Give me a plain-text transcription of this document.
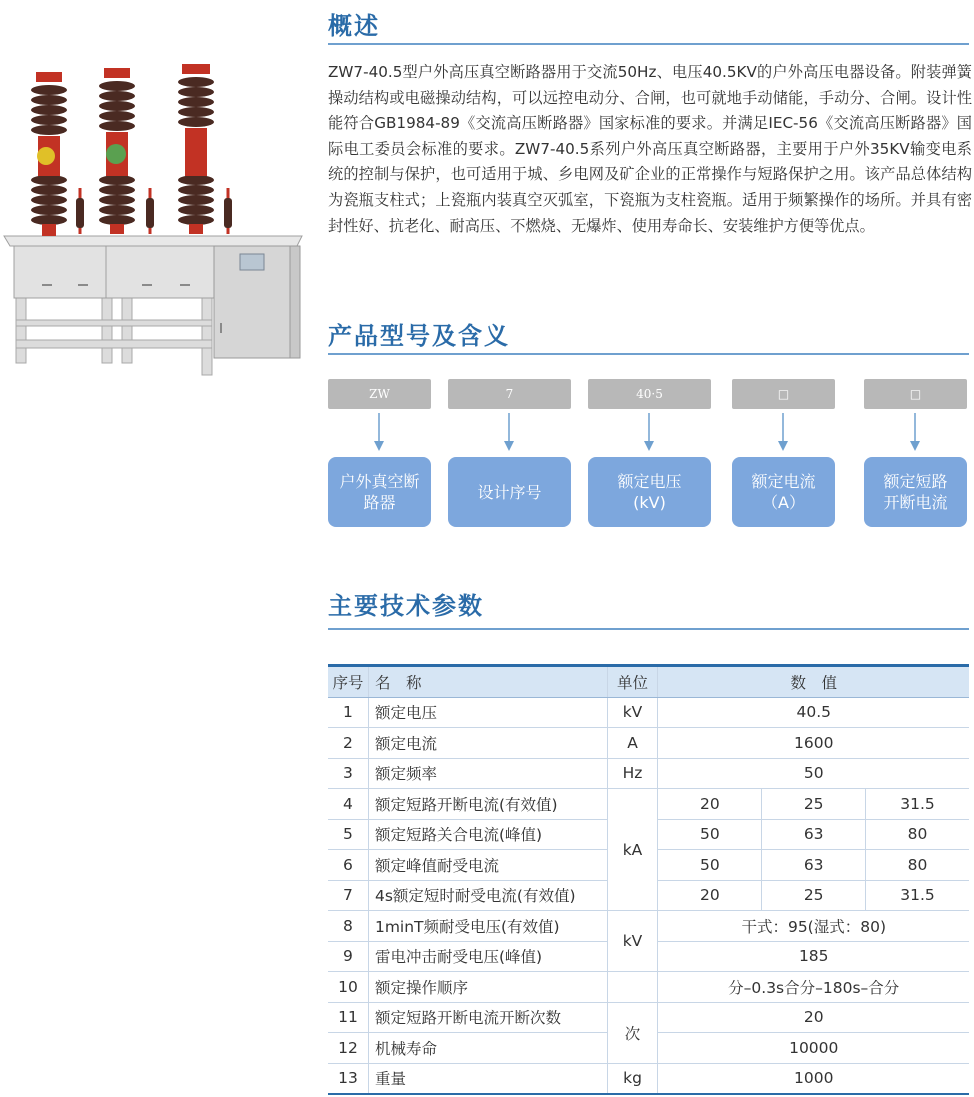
概述
ZW7-40.5型户外高压真空断路器用于交流50Hz、电压40.5KV的户外高压电器设备。附装弹簧操动结构或电磁操动结构，可以远控电动分、合闸，也可就地手动储能，手动分、合闸。设计性能符合GB1984-89《交流高压断路器》国家标准的要求。并满足IEC-56《交流高压断路器》国际电工委员会标准的要求。ZW7-40.5系列户外高压真空断路器，主要用于户外35KV输变电系统的控制与保护，也可适用于城、乡电网及矿企业的正常操作与短路保护之用。该产品总体结构为瓷瓶支柱式；上瓷瓶内装真空灭弧室，下瓷瓶为支柱瓷瓶。适用于频繁操作的场所。并具有密封性好、抗老化、耐高压、不燃烧、无爆炸、使用寿命长、安装维护方便等优点。
产品型号及含义
ZW	7	40·5	□	□
户外真空断
路器
设计序号
额定电压
(kV)
额定电流
（A）
额定短路
开断电流
主要技术参数
序号	名　称	单位	数　值		
1	额定电压	kV	40.5		
2	额定电流	A	1600		
3	额定频率	Hz	50		
4	额定短路开断电流(有效值)	kA	20	25	31.5
5	额定短路关合电流(峰值)		50	63	80
6	额定峰值耐受电流		50	63	80
7	4s额定短时耐受电流(有效值)		20	25	31.5
8	1minT频耐受电压(有效值)	kV	干式：95(湿式：80)		
9	雷电冲击耐受电压(峰值)		185		
10	额定操作顺序		分–0.3s合分–180s–合分		
11	额定短路开断电流开断次数	次	20		
12	机械寿命		10000		
13	重量	kg	1000		
